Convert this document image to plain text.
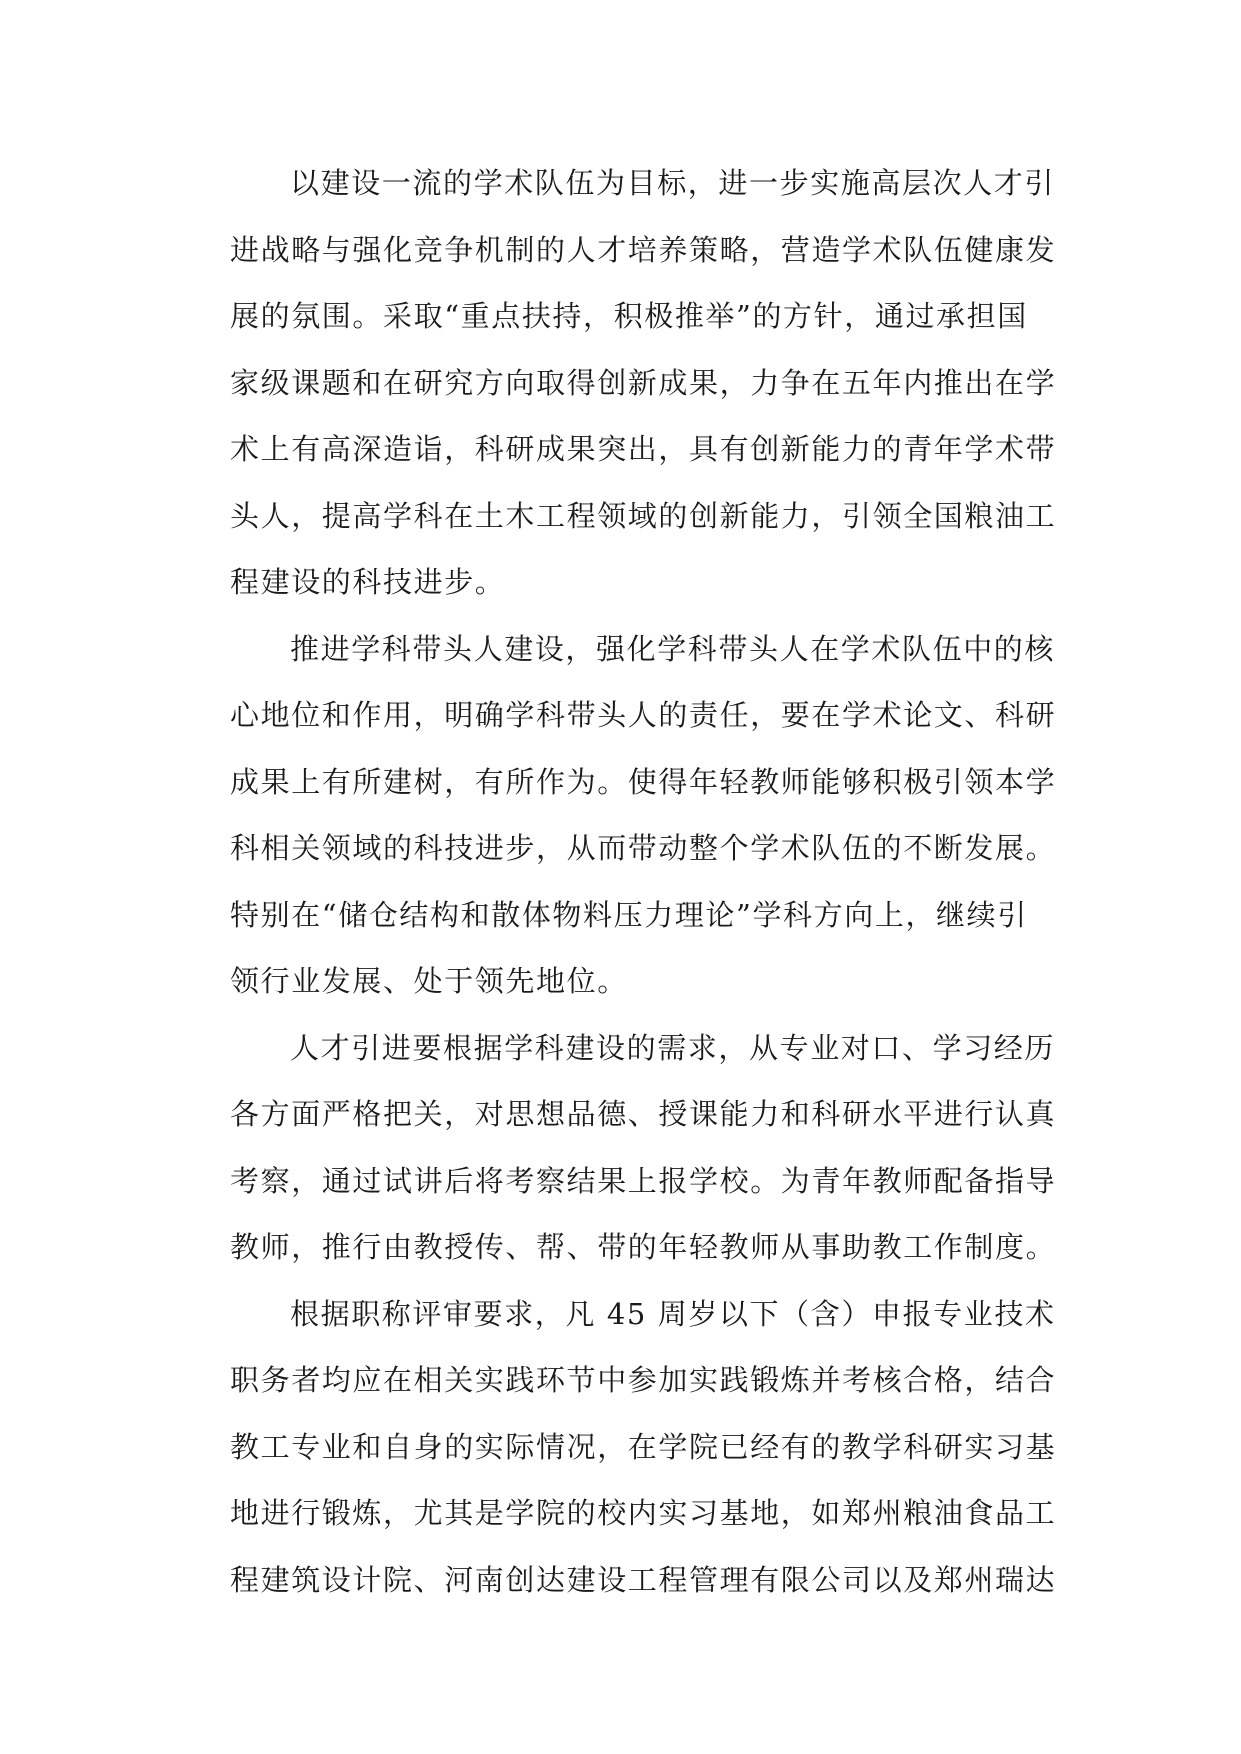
以建设一流的学术队伍为目标，进一步实施高层次人才引
进战略与强化竞争机制的人才培养策略，营造学术队伍健康发
展的氛围。采取“重点扶持，积极推举”的方针，通过承担国
家级课题和在研究方向取得创新成果，力争在五年内推出在学
术上有高深造诣，科研成果突出，具有创新能力的青年学术带
头人，提高学科在土木工程领域的创新能力，引领全国粮油工
程建设的科技进步。
推进学科带头人建设，强化学科带头人在学术队伍中的核
心地位和作用，明确学科带头人的责任，要在学术论文、科研
成果上有所建树，有所作为。使得年轻教师能够积极引领本学
科相关领域的科技进步，从而带动整个学术队伍的不断发展。
特别在“储仓结构和散体物料压力理论”学科方向上，继续引
领行业发展、处于领先地位。
人才引进要根据学科建设的需求，从专业对口、学习经历
各方面严格把关，对思想品德、授课能力和科研水平进行认真
考察，通过试讲后将考察结果上报学校。为青年教师配备指导
教师，推行由教授传、帮、带的年轻教师从事助教工作制度。
根据职称评审要求，凡 45 周岁以下（含）申报专业技术
职务者均应在相关实践环节中参加实践锻炼并考核合格，结合
教工专业和自身的实际情况，在学院已经有的教学科研实习基
地进行锻炼，尤其是学院的校内实习基地，如郑州粮油食品工
程建筑设计院、河南创达建设工程管理有限公司以及郑州瑞达
